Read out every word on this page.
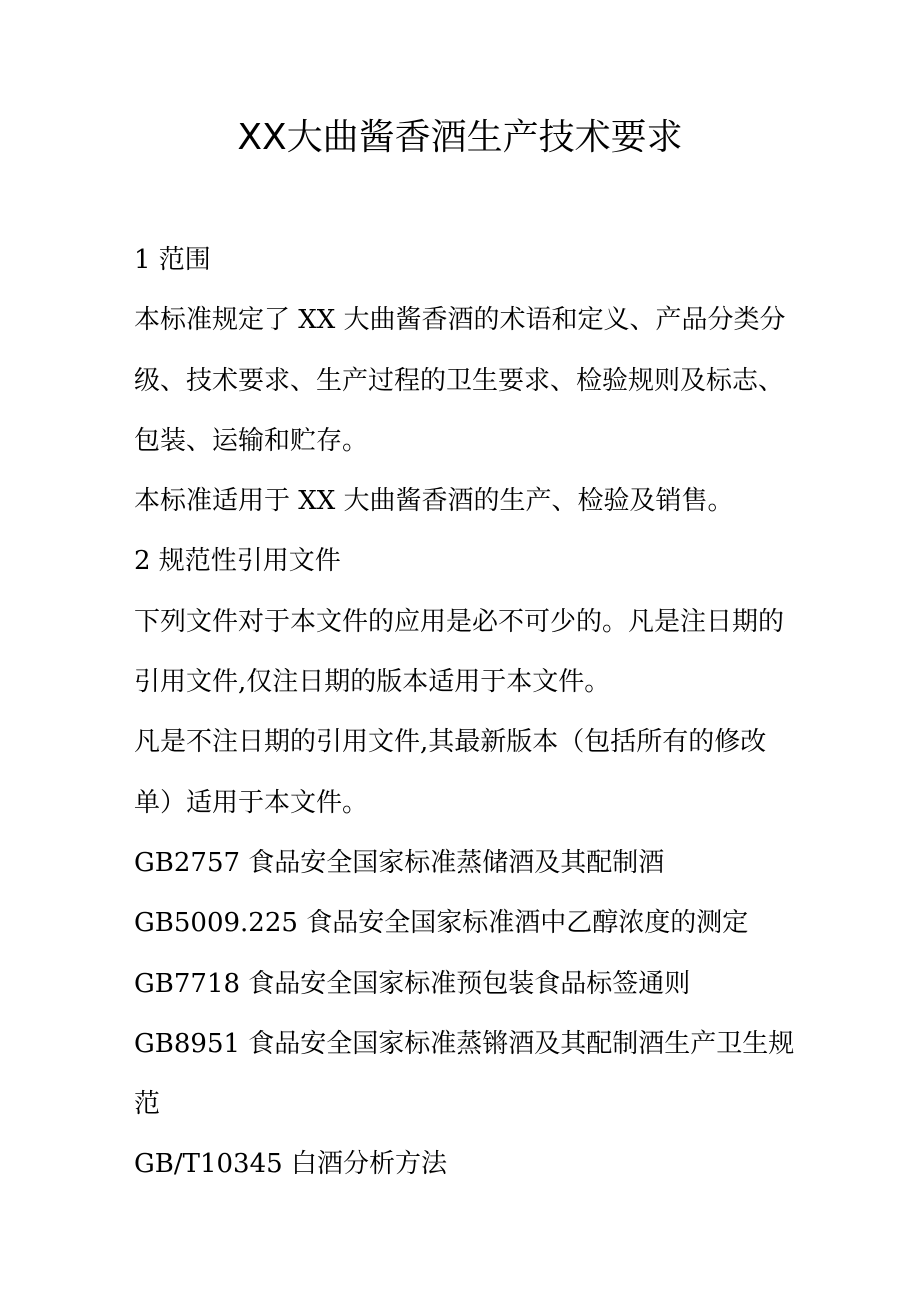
XX大曲酱香酒生产技术要求

1 范围

本标准规定了 XX 大曲酱香酒的术语和定义、产品分类分

级、技术要求、生产过程的卫生要求、检验规则及标志、

包装、运输和贮存。

本标准适用于 XX 大曲酱香酒的生产、检验及销售。

2 规范性引用文件

下列文件对于本文件的应用是必不可少的。凡是注日期的

引用文件,仅注日期的版本适用于本文件。

凡是不注日期的引用文件,其最新版本（包括所有的修改

单）适用于本文件。

GB2757 食品安全国家标准蒸储酒及其配制酒

GB5009.225 食品安全国家标准酒中乙醇浓度的测定

GB7718 食品安全国家标准预包装食品标签通则

GB8951 食品安全国家标准蒸锵酒及其配制酒生产卫生规

范

GB/T10345 白酒分析方法
